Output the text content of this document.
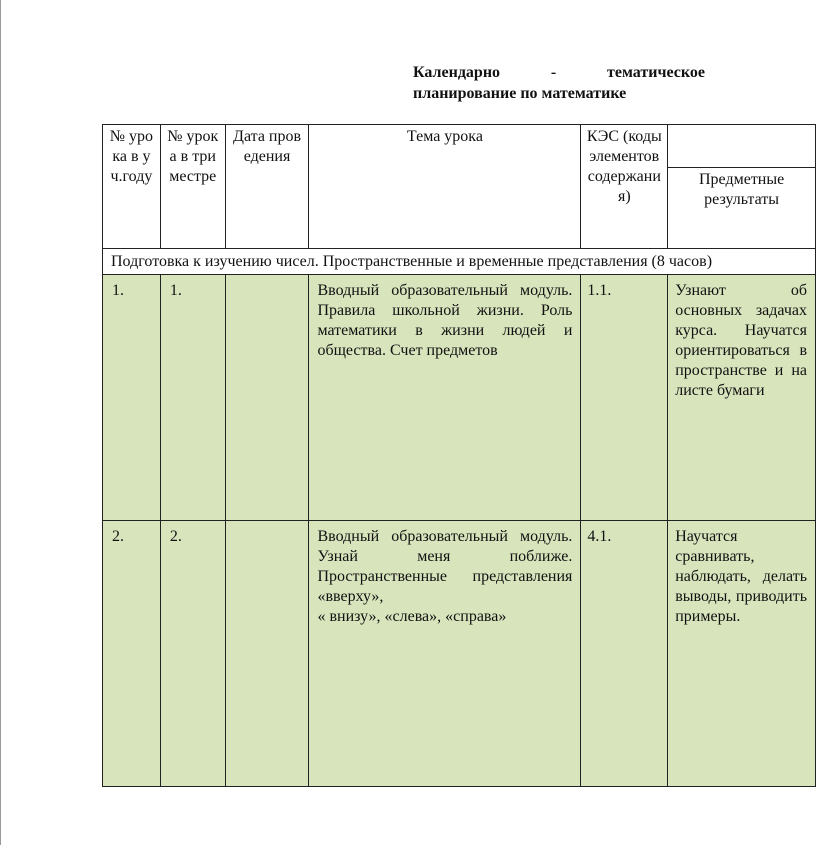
Календарно	-	тематическое
планирование по математике
№ урока в уч.году	№ урока в триместре	Дата проведения	Тема урока	КЭС (коды элементов содержания)	Предметные результаты

Подготовка к изучению чисел. Пространственные и временные представления (8 часов)					
1.	1.		Вводный образовательный модуль. Правила школьной жизни. Роль математики в жизни людей и общества. Счет предметов	1.1.	Узнают об основных задачах курса. Научатся ориентироваться в пространстве и на листе бумаги
2.	2.		Вводный образовательный модуль. Узнай меня поближе. Пространственные представления «вверху»,
« внизу», «слева», «справа»	4.1.	Научатся сравнивать, наблюдать, делать выводы, приводить примеры.
